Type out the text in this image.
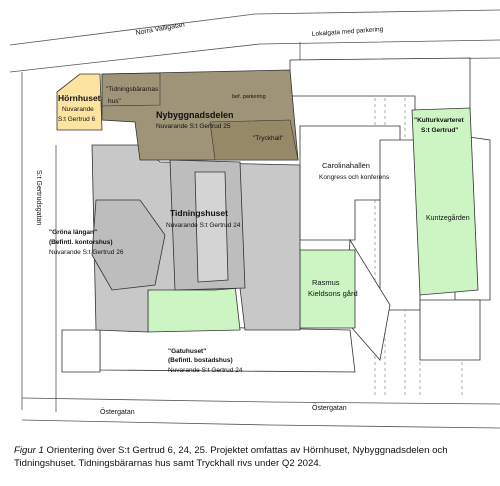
Norra Valligatan	Lokalgata med parkering
S:t Gertrudsgatan
Östergatan
Östergatan
Hörnhuset
Nuvarande
S:t Gertrud 6
"Tidningsbärarnas
hus"
bef. parkering
Nybyggnadsdelen
Nuvarande S:t Gertrud 25
"Tryckhall"
Carolinahallen
Kongress och konferens
Tidningshuset
Nuvarande S:t Gertrud 24
"Gröna längan"
(Befintl. kontorshus)
Nuvarande S:t Gertrud 26
Rasmus
Kieldsons gård
"Kulturkvarteret
S:t Gertrud"
Kuntzegården
"Gatuhuset"
(Befintl. bostadshus)
Nuvarande S:t Gertrud 24
Figur 1 Orientering över S:t Gertrud 6, 24, 25. Projektet omfattas av Hörnhuset, Nybyggnadsdelen och Tidningshuset. Tidningsbärarnas hus samt Tryckhall rivs under Q2 2024.
